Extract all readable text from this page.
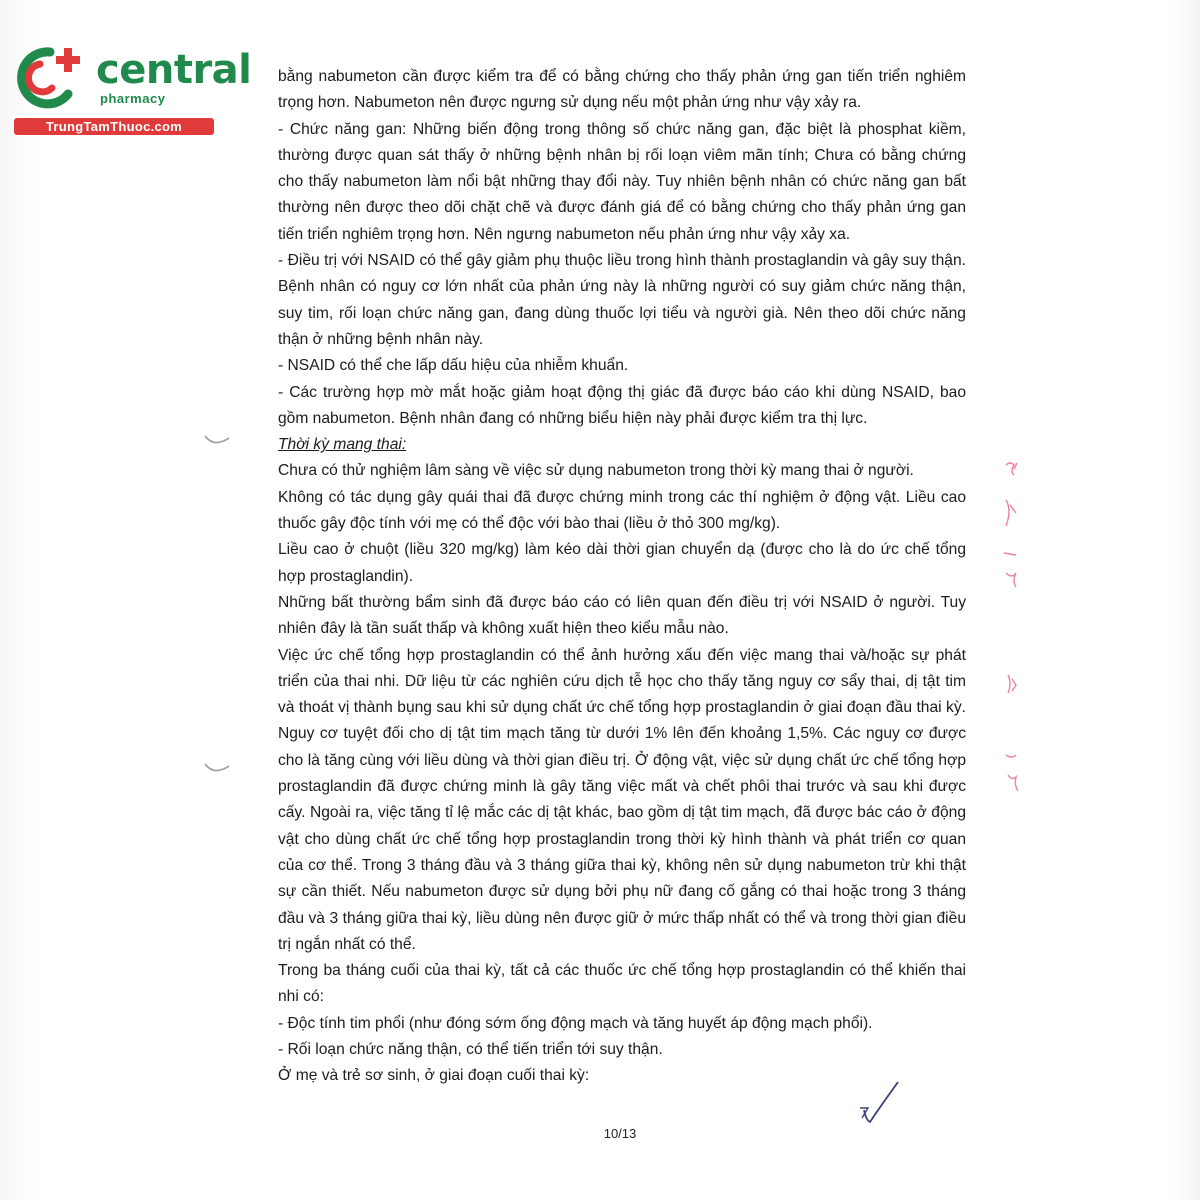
central
pharmacy
TrungTamThuoc.com

bằng nabumeton cần được kiểm tra để có bằng chứng cho thấy phản ứng gan tiến triển nghiêm trọng hơn. Nabumeton nên được ngưng sử dụng nếu một phản ứng như vậy xảy ra.

- Chức năng gan: Những biến động trong thông số chức năng gan, đặc biệt là phosphat kiềm, thường được quan sát thấy ở những bệnh nhân bị rối loạn viêm mãn tính; Chưa có bằng chứng cho thấy nabumeton làm nổi bật những thay đổi này. Tuy nhiên bệnh nhân có chức năng gan bất thường nên được theo dõi chặt chẽ và được đánh giá để có bằng chứng cho thấy phản ứng gan tiến triển nghiêm trọng hơn. Nên ngưng nabumeton nếu phản ứng như vậy xảy xa.

- Điều trị với NSAID có thể gây giảm phụ thuộc liều trong hình thành prostaglandin và gây suy thận. Bệnh nhân có nguy cơ lớn nhất của phản ứng này là những người có suy giảm chức năng thận, suy tim, rối loạn chức năng gan, đang dùng thuốc lợi tiểu và người già. Nên theo dõi chức năng thận ở những bệnh nhân này.

- NSAID có thể che lấp dấu hiệu của nhiễm khuẩn.

- Các trường hợp mờ mắt hoặc giảm hoạt động thị giác đã được báo cáo khi dùng NSAID, bao gồm nabumeton. Bệnh nhân đang có những biểu hiện này phải được kiểm tra thị lực.

Thời kỳ mang thai:

Chưa có thử nghiệm lâm sàng về việc sử dụng nabumeton trong thời kỳ mang thai ở người.

Không có tác dụng gây quái thai đã được chứng minh trong các thí nghiệm ở động vật. Liều cao thuốc gây độc tính với mẹ có thể độc với bào thai (liều ở thỏ 300 mg/kg).

Liều cao ở chuột (liều 320 mg/kg) làm kéo dài thời gian chuyển dạ (được cho là do ức chế tổng hợp prostaglandin).

Những bất thường bẩm sinh đã được báo cáo có liên quan đến điều trị với NSAID ở người. Tuy nhiên đây là tần suất thấp và không xuất hiện theo kiểu mẫu nào.

Việc ức chế tổng hợp prostaglandin có thể ảnh hưởng xấu đến việc mang thai và/hoặc sự phát triển của thai nhi. Dữ liệu từ các nghiên cứu dịch tễ học cho thấy tăng nguy cơ sẩy thai, dị tật tim và thoát vị thành bụng sau khi sử dụng chất ức chế tổng hợp prostaglandin ở giai đoạn đầu thai kỳ. Nguy cơ tuyệt đối cho dị tật tim mạch tăng từ dưới 1% lên đến khoảng 1,5%. Các nguy cơ được cho là tăng cùng với liều dùng và thời gian điều trị. Ở động vật, việc sử dụng chất ức chế tổng hợp prostaglandin đã được chứng minh là gây tăng việc mất và chết phôi thai trước và sau khi được cấy. Ngoài ra, việc tăng tỉ lệ mắc các dị tật khác, bao gồm dị tật tim mạch, đã được bác cáo ở động vật cho dùng chất ức chế tổng hợp prostaglandin trong thời kỳ hình thành và phát triển cơ quan của cơ thể. Trong 3 tháng đầu và 3 tháng giữa thai kỳ, không nên sử dụng nabumeton trừ khi thật sự cần thiết. Nếu nabumeton được sử dụng bởi phụ nữ đang cố gắng có thai hoặc trong 3 tháng đầu và 3 tháng giữa thai kỳ, liều dùng nên được giữ ở mức thấp nhất có thể và trong thời gian điều trị ngắn nhất có thể.

Trong ba tháng cuối của thai kỳ, tất cả các thuốc ức chế tổng hợp prostaglandin có thể khiến thai nhi có:

- Độc tính tim phổi (như đóng sớm ống động mạch và tăng huyết áp động mạch phổi).

- Rối loạn chức năng thận, có thể tiến triển tới suy thận.

Ở mẹ và trẻ sơ sinh, ở giai đoạn cuối thai kỳ:

10/13
